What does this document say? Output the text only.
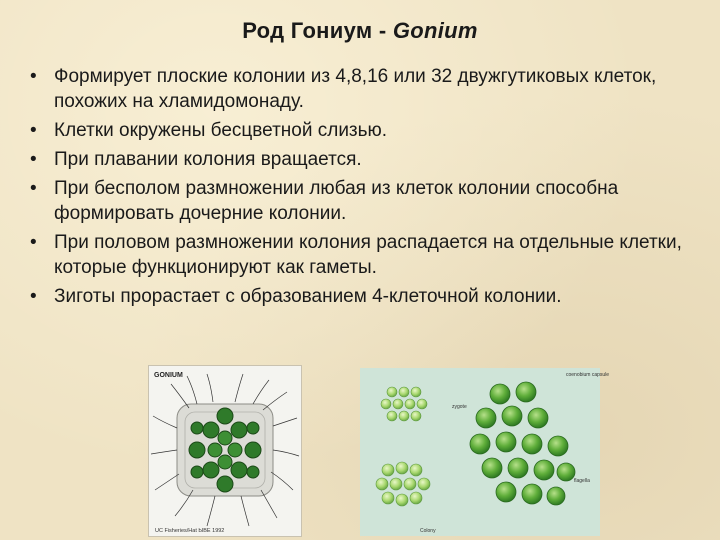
Род Гониум - Gonium
• Формирует плоские колонии из 4,8,16 или 32 двужгутиковых клеток, похожих на хламидомонаду.
• Клетки окружены бесцветной слизью.
• При плавании колония вращается.
• При бесполом размножении любая из клеток колонии способна формировать дочерние колонии.
• При половом размножении колония распадается на отдельные клетки, которые функционируют как гаметы.
• Зиготы прорастает с образованием 4-клеточной колонии.
GONIUM
UC Fisheries/Hat ЫВЕ 1992
coenobium capsule
zygote
flagella
Colony
